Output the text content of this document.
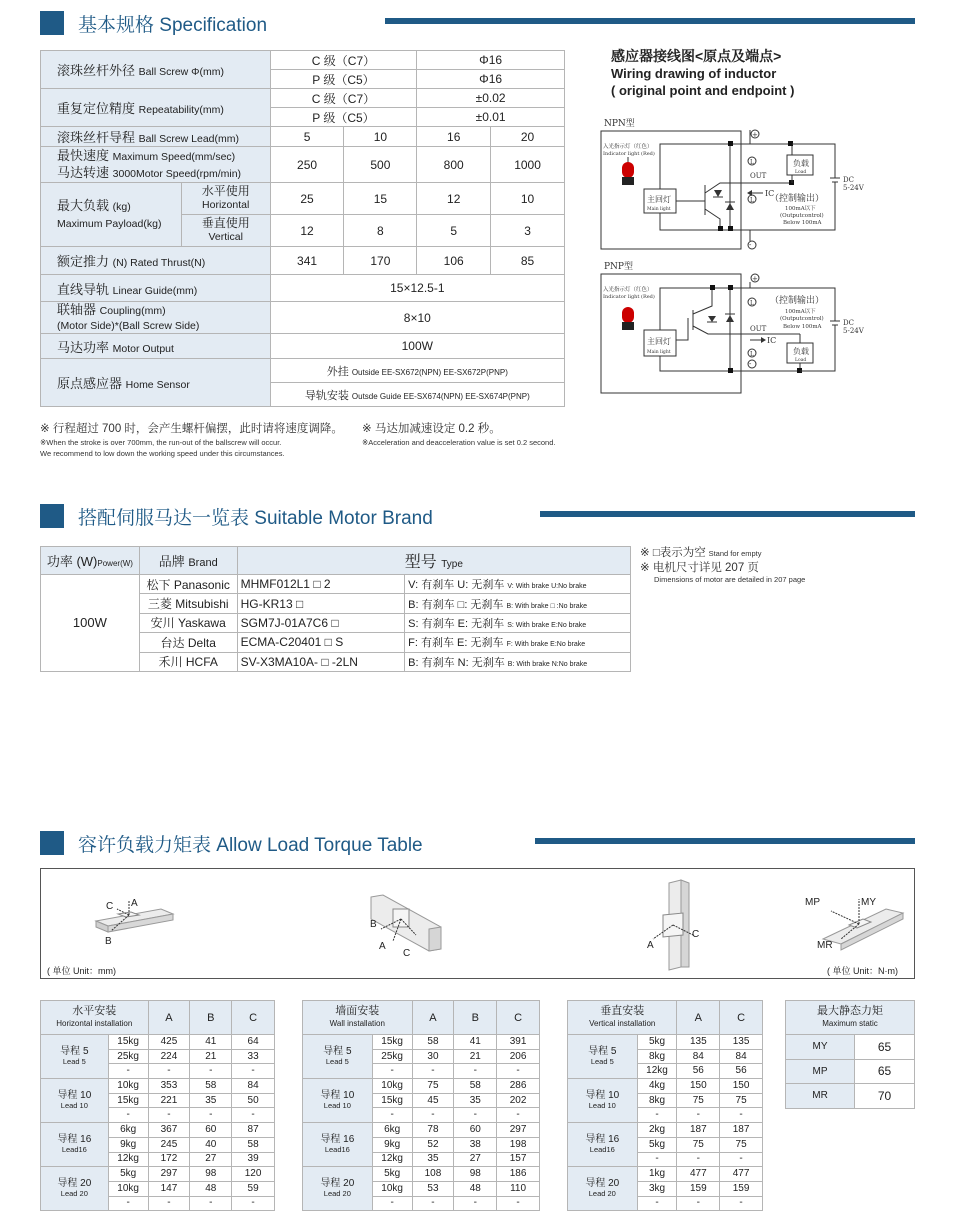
基本规格 Specification
滚珠丝杆外径 Ball Screw Φ(mm)		C 级（C7）		Φ16	
		P 级（C5）		Φ16	
重复定位精度 Repeatability(mm)		C 级（C7）		±0.02	
		P 级（C5）		±0.01	
滚珠丝杆导程 Ball Screw Lead(mm)		5	10	16	20
最快速度 Maximum Speed(mm/sec)
马达转速 3000Motor Speed(rpm/min)		250	500	800	1000
最大负载 (kg)
Maximum Payload(kg)	水平使用
Horizontal	25	15	12	10
	垂直使用
Vertical	12	8	5	3
额定推力 (N) Rated Thrust(N)		341	170	106	85
直线导轨 Linear Guide(mm)		15×12.5-1			
联轴器 Coupling(mm)
(Motor Side)*(Ball Screw Side)		8×10			
马达功率 Motor Output		100W			
原点感应器 Home Sensor		外挂 Outside EE-SX672(NPN) EE-SX672P(PNP)			
		导轨安装 Outsde Guide EE-SX674(NPN) EE-SX674P(PNP)			
※ 行程超过 700 时，会产生螺杆偏摆，此时请将速度调降。
※When the stroke is over 700mm, the run-out of the ballscrew will occur.
We recommend to low down the working speed under this circumstances.
※ 马达加减速设定 0.2 秒。
※Acceleration and deacceleration value is set 0.2 second.
感应器接线图<原点及端点>
Wiring drawing of inductor
( original point and endpoint )
NPN型
入光指示灯（红色）
Indicator light (Red)
主回灯
Main light
+
L
L
-
OUT
IC
负载
Load
DC
5-24V
（控制输出）
100mA以下
(Outputcontrol)
Below 100mA
PNP型
入光指示灯（红色）
Indicator light (Red)
主回灯
Main light
+
L
L
-
OUT
IC
负载
Load
DC
5-24V
（控制输出）
100mA以下
(Outputcontrol)
Below 100mA
搭配伺服马达一览表 Suitable Motor Brand
功率 (W)Power(W)	品牌 Brand	型号 Type	
100W	松下 Panasonic	MHMF012L1 □ 2	V: 有刹车 U: 无刹车 V: With brake U:No brake
	三菱 Mitsubishi	HG-KR13 □	B: 有刹车 □: 无刹车 B: With brake □ :No brake
	安川 Yaskawa	SGM7J-01A7C6 □	S: 有刹车 E: 无刹车 S: With brake E:No brake
	台达 Delta	ECMA-C20401 □ S	F: 有刹车 E: 无刹车 F: With brake E:No brake
	禾川 HCFA	SV-X3MA10A- □ -2LN	B: 有刹车 N: 无刹车 B: With brake N:No brake
※ □表示为空 Stand for empty
※ 电机尺寸详见 207 页
Dimensions of motor are detailed in 207 page
容许负载力矩表 Allow Load Torque Table
A
C
B
B
A
C
A
C
MP	MY
MR
( 单位 Unit：mm)	( 单位 Unit：N·m)
水平安装
Horizontal installation		A	B	C
导程 5
Lead 5	15kg	425	41	64
	25kg	224	21	33
	-	-	-	-
导程 10
Lead 10	10kg	353	58	84
	15kg	221	35	50
	-	-	-	-
导程 16
Lead16	6kg	367	60	87
	9kg	245	40	58
	12kg	172	27	39
导程 20
Lead 20	5kg	297	98	120
	10kg	147	48	59
	-	-	-	-
墙面安装
Wall installation		A	B	C
导程 5
Lead 5	15kg	58	41	391
	25kg	30	21	206
	-	-	-	-
导程 10
Lead 10	10kg	75	58	286
	15kg	45	35	202
	-	-	-	-
导程 16
Lead16	6kg	78	60	297
	9kg	52	38	198
	12kg	35	27	157
导程 20
Lead 20	5kg	108	98	186
	10kg	53	48	110
	-	-	-	-
垂直安装
Vertical installation		A	C
导程 5
Lead 5	5kg	135	135
	8kg	84	84
	12kg	56	56
导程 10
Lead 10	4kg	150	150
	8kg	75	75
	-	-	-
导程 16
Lead16	2kg	187	187
	5kg	75	75
	-	-	-
导程 20
Lead 20	1kg	477	477
	3kg	159	159
	-	-	-
最大静态力矩
Maximum static	
MY	65
MP	65
MR	70
